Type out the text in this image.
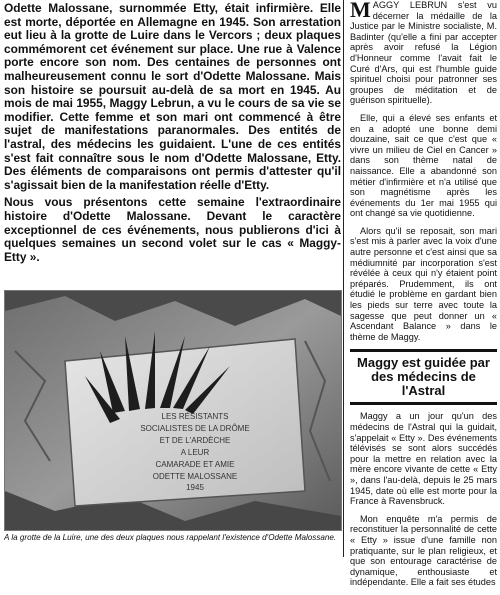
Odette Malossane, surnommée Etty, était infirmière. Elle est morte, déportée en Allemagne en 1945. Son arrestation eut lieu à la grotte de Luire dans le Vercors ; deux plaques commémorent cet événement sur place. Une rue à Valence porte encore son nom. Des centaines de personnes ont malheureusement connu le sort d'Odette Malossane. Mais son histoire se poursuit au-delà de sa mort en 1945. Au mois de mai 1955, Maggy Lebrun, a vu le cours de sa vie se modifier. Cette femme et son mari ont commencé à être sujet de manifestations paranormales. Des entités de l'astral, des médecins les guidaient. L'une de ces entités s'est fait connaître sous le nom d'Odette Malossane, Etty. Des éléments de comparaisons ont permis d'attester qu'il s'agissait bien de la manifestation réelle d'Etty.

Nous vous présentons cette semaine l'extraordinaire histoire d'Odette Malossane. Devant le caractère exceptionnel de ces événements, nous publierons d'ici à quelques semaines un second volet sur le cas « Maggy-Etty ».

LES RÉSISTANTS
SOCIALISTES DE LA DRÔME
ET DE L'ARDÈCHE
A LEUR
CAMARADE ET AMIE
ODETTE MALOSSANE
1945
A la grotte de la Luire, une des deux plaques nous rappelant l'existence d'Odette Malossane.

MAGGY LEBRUN s'est vu décerner la médaille de la Justice par le Ministre socialiste, M. Badinter (qu'elle a fini par accepter après avoir refusé la Légion d'Honneur comme l'avait fait le Curé d'Ars, qui est l'humble guide spirituel choisi pour patronner ses groupes de méditation et de guérison spirituelle).

Elle, qui a élevé ses enfants et en a adopté une bonne demi douzaine, sait ce que c'est que « vivre un milieu de Ciel en Cancer » dans son thème natal de naissance. Elle a abandonné son métier d'infirmière et n'a utilisé que son magnétisme après les événements du 1er mai 1955 qui ont changé sa vie quotidienne.

Alors qu'il se reposait, son mari s'est mis à parler avec la voix d'une autre personne et c'est ainsi que sa médiumnité par incorporation s'est révélée à ceux qui n'y étaient point préparés. Prudemment, ils ont étudié le problème en gardant bien les pieds sur terre avec toute la sagesse que peut donner un « Ascendant Balance » dans le thème de Maggy.

Maggy est guidée par des médecins de l'Astral

Maggy a un jour qu'un des médecins de l'Astral qui la guidait, s'appelait « Etty ». Des événements télévisés se sont alors succédés pour la mettre en relation avec la mère encore vivante de cette « Etty », dans l'au-delà, depuis le 25 mars 1945, date où elle est morte pour la France à Ravensbruck.

Mon enquête m'a permis de reconstituer la personnalité de cette « Etty » issue d'une famille non pratiquante, sur le plan religieux, et que son entourage caractérise de dynamique, enthousiaste et indépendante. Elle a fait ses études
